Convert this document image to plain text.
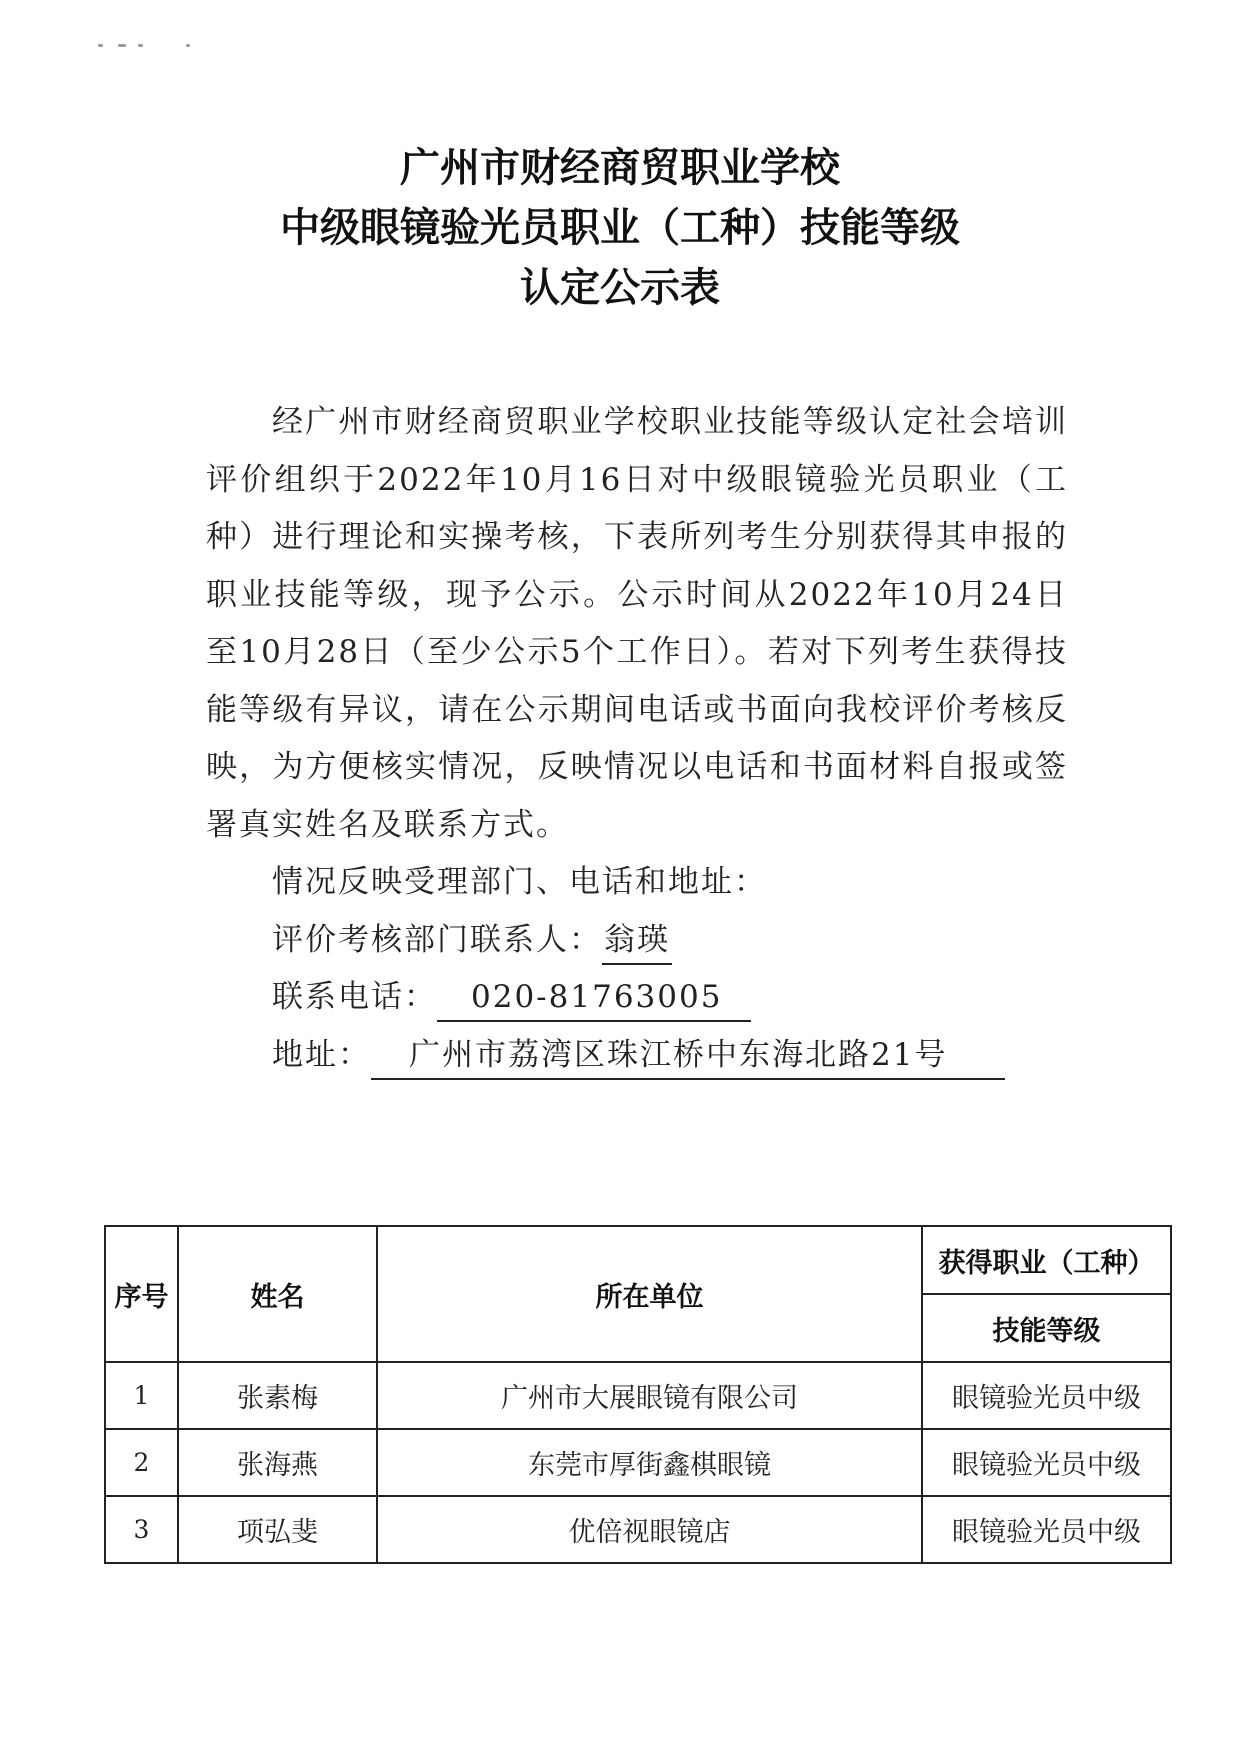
广州市财经商贸职业学校
中级眼镜验光员职业（工种）技能等级
认定公示表
经广州市财经商贸职业学校职业技能等级认定社会培训评价组织于2022年10月16日对中级眼镜验光员职业（工种）进行理论和实操考核，下表所列考生分别获得其申报的职业技能等级，现予公示。公示时间从2022年10月24日至10月28日（至少公示5个工作日）。若对下列考生获得技能等级有异议，请在公示期间电话或书面向我校评价考核反映，为方便核实情况，反映情况以电话和书面材料自报或签署真实姓名及联系方式。
情况反映受理部门、电话和地址：
评价考核部门联系人：翁瑛
联系电话： 020-81763005
地址： 广州市荔湾区珠江桥中东海北路21号
序号	姓名	所在单位	获得职业（工种）
			技能等级
1	张素梅	广州市大展眼镜有限公司	眼镜验光员中级
2	张海燕	东莞市厚街鑫棋眼镜	眼镜验光员中级
3	项弘斐	优倍视眼镜店	眼镜验光员中级
